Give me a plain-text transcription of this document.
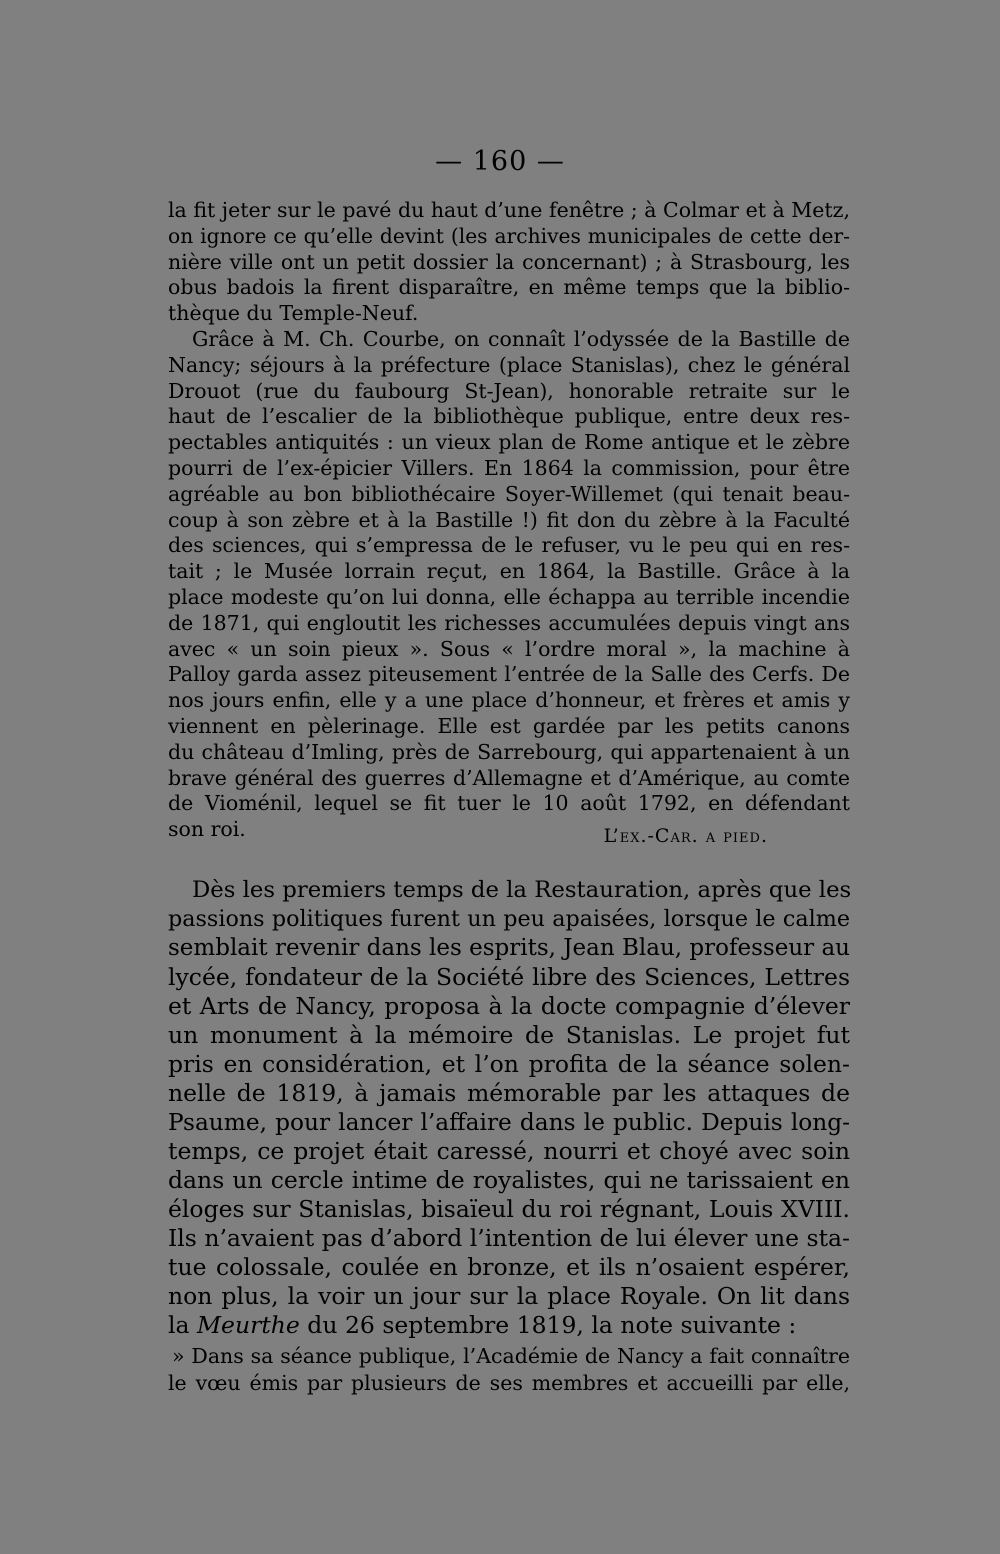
— 160 —
la fit jeter sur le pavé du haut d’une fenêtre ; à Colmar et à Metz,
on ignore ce qu’elle devint (les archives municipales de cette der-
nière ville ont un petit dossier la concernant) ; à Strasbourg, les
obus badois la firent disparaître, en même temps que la biblio-
thèque du Temple-Neuf.
Grâce à M. Ch. Courbe, on connaît l’odyssée de la Bastille de
Nancy; séjours à la préfecture (place Stanislas), chez le général
Drouot (rue du faubourg St-Jean), honorable retraite sur le
haut de l’escalier de la bibliothèque publique, entre deux res-
pectables antiquités : un vieux plan de Rome antique et le zèbre
pourri de l’ex-épicier Villers. En 1864 la commission, pour être
agréable au bon bibliothécaire Soyer-Willemet (qui tenait beau-
coup à son zèbre et à la Bastille !) fit don du zèbre à la Faculté
des sciences, qui s’empressa de le refuser, vu le peu qui en res-
tait ; le Musée lorrain reçut, en 1864, la Bastille. Grâce à la
place modeste qu’on lui donna, elle échappa au terrible incendie
de 1871, qui engloutit les richesses accumulées depuis vingt ans
avec « un soin pieux ». Sous « l’ordre moral », la machine à
Palloy garda assez piteusement l’entrée de la Salle des Cerfs. De
nos jours enfin, elle y a une place d’honneur, et frères et amis y
viennent en pèlerinage. Elle est gardée par les petits canons
du château d’Imling, près de Sarrebourg, qui appartenaient à un
brave général des guerres d’Allemagne et d’Amérique, au comte
de Vioménil, lequel se fit tuer le 10 août 1792, en défendant
son roi.	L’ex.-Car. a pied.
Dès les premiers temps de la Restauration, après que les
passions politiques furent un peu apaisées, lorsque le calme
semblait revenir dans les esprits, Jean Blau, professeur au
lycée, fondateur de la Société libre des Sciences, Lettres
et Arts de Nancy, proposa à la docte compagnie d’élever
un monument à la mémoire de Stanislas. Le projet fut
pris en considération, et l’on profita de la séance solen-
nelle de 1819, à jamais mémorable par les attaques de
Psaume, pour lancer l’affaire dans le public. Depuis long-
temps, ce projet était caressé, nourri et choyé avec soin
dans un cercle intime de royalistes, qui ne tarissaient en
éloges sur Stanislas, bisaïeul du roi régnant, Louis XVIII.
Ils n’avaient pas d’abord l’intention de lui élever une sta-
tue colossale, coulée en bronze, et ils n’osaient espérer,
non plus, la voir un jour sur la place Royale. On lit dans
la Meurthe du 26 septembre 1819, la note suivante :
» Dans sa séance publique, l’Académie de Nancy a fait connaître
le vœu émis par plusieurs de ses membres et accueilli par elle,
